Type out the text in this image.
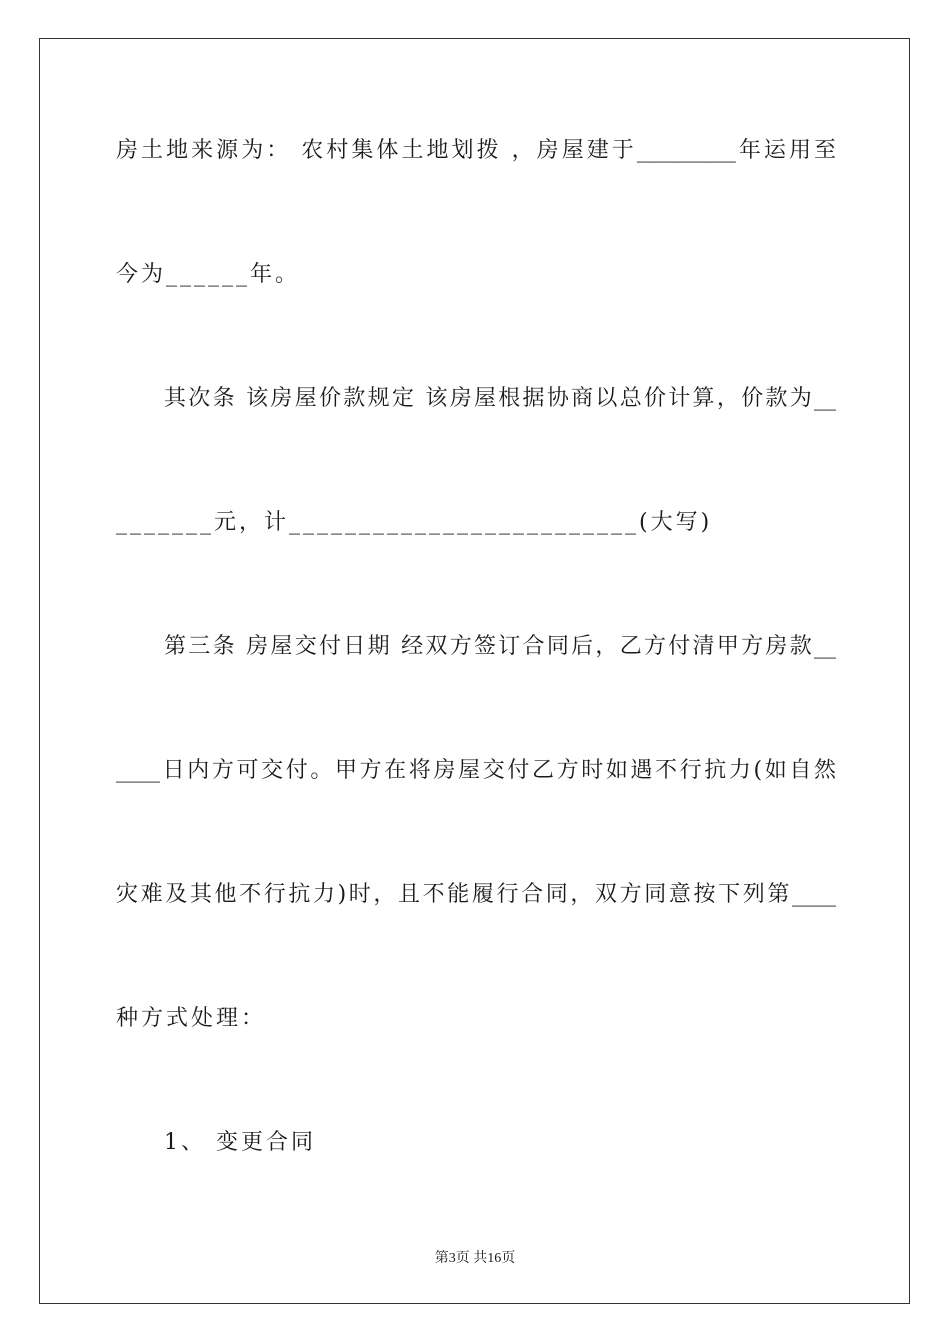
房土地来源为： 农村集体土地划拨 ，房屋建于_________年运用至
今为______年。
其次条 该房屋价款规定 该房屋根据协商以总价计算，价款为__
_______元，计_________________________(大写)
第三条 房屋交付日期 经双方签订合同后，乙方付清甲方房款__
____日内方可交付。甲方在将房屋交付乙方时如遇不行抗力(如自然
灾难及其他不行抗力)时，且不能履行合同，双方同意按下列第____
种方式处理：
1、 变更合同
第3页 共16页
